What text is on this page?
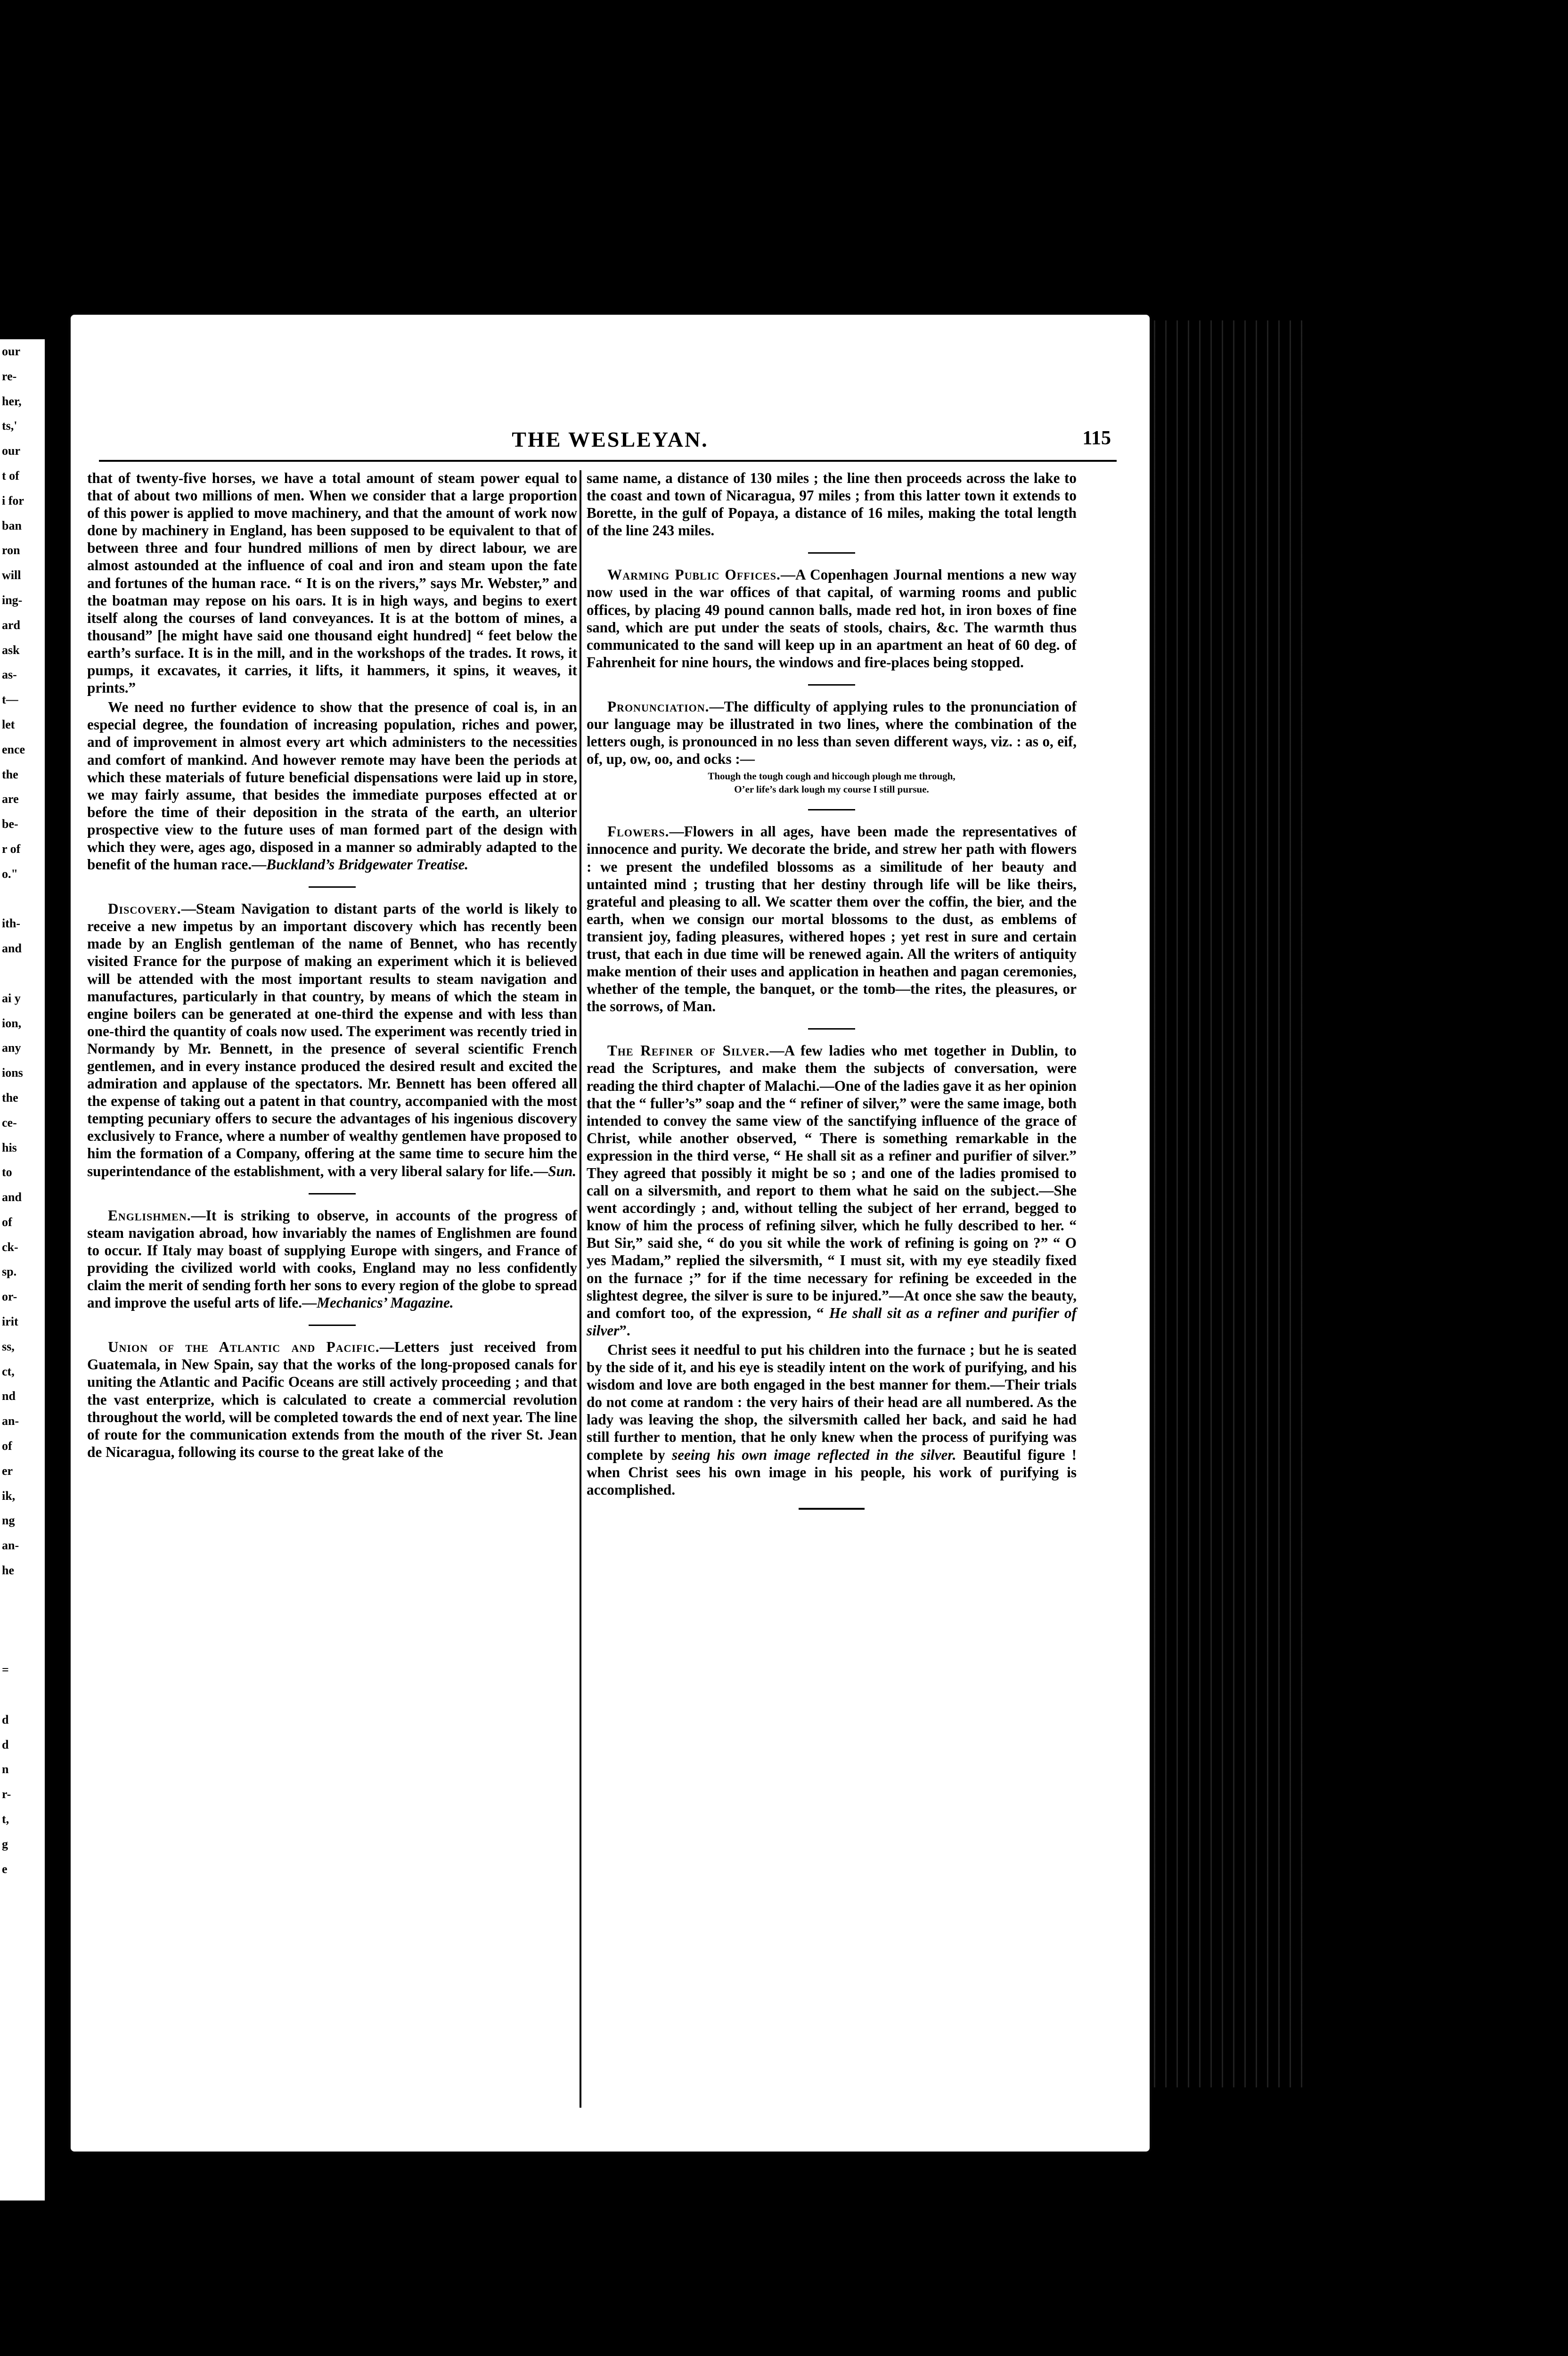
our
re-
her,
ts,'
our
t of
i for
ban
ron
will
ing-
ard
ask
as-
t—
let
ence
the
are
be-
r of
o."

ith-
and

ai y
ion,
any
ions
the
ce-
his
to
and
of
ck-
sp.
or-
irit
ss,
ct,
nd
an-
of
er
ik,
ng
an-
he

=

d
d
n
r-
t,
g
e
THE WESLEYAN.	115

that of twenty-five horses, we have a total amount of steam power equal to that of about two millions of men. When we consider that a large proportion of this power is applied to move machinery, and that the amount of work now done by machinery in England, has been supposed to be equivalent to that of between three and four hundred millions of men by direct labour, we are almost astounded at the influence of coal and iron and steam upon the fate and fortunes of the human race. “ It is on the rivers,” says Mr. Webster,” and the boatman may repose on his oars. It is in high ways, and begins to exert itself along the courses of land conveyances. It is at the bottom of mines, a thousand” [he might have said one thousand eight hundred] “ feet below the earth’s surface. It is in the mill, and in the workshops of the trades. It rows, it pumps, it excavates, it carries, it lifts, it hammers, it spins, it weaves, it prints.”

We need no further evidence to show that the presence of coal is, in an especial degree, the foundation of increasing population, riches and power, and of improvement in almost every art which administers to the necessities and comfort of mankind. And however remote may have been the periods at which these materials of future beneficial dispensations were laid up in store, we may fairly assume, that besides the immediate purposes effected at or before the time of their deposition in the strata of the earth, an ulterior prospective view to the future uses of man formed part of the design with which they were, ages ago, disposed in a manner so admirably adapted to the benefit of the human race.—Buckland’s Bridgewater Treatise.

Discovery.—Steam Navigation to distant parts of the world is likely to receive a new impetus by an important discovery which has recently been made by an English gentleman of the name of Bennet, who has recently visited France for the purpose of making an experiment which it is believed will be attended with the most important results to steam navigation and manufactures, particularly in that country, by means of which the steam in engine boilers can be generated at one-third the expense and with less than one-third the quantity of coals now used. The experiment was recently tried in Normandy by Mr. Bennett, in the presence of several scientific French gentlemen, and in every instance produced the desired result and excited the admiration and applause of the spectators. Mr. Bennett has been offered all the expense of taking out a patent in that country, accompanied with the most tempting pecuniary offers to secure the advantages of his ingenious discovery exclusively to France, where a number of wealthy gentlemen have proposed to him the formation of a Company, offering at the same time to secure him the superintendance of the establishment, with a very liberal salary for life.—Sun.

Englishmen.—It is striking to observe, in accounts of the progress of steam navigation abroad, how invariably the names of Englishmen are found to occur. If Italy may boast of supplying Europe with singers, and France of providing the civilized world with cooks, England may no less confidently claim the merit of sending forth her sons to every region of the globe to spread and improve the useful arts of life.—Mechanics’ Magazine.

Union of the Atlantic and Pacific.—Letters just received from Guatemala, in New Spain, say that the works of the long-proposed canals for uniting the Atlantic and Pacific Oceans are still actively proceeding ; and that the vast enterprize, which is calculated to create a commercial revolution throughout the world, will be completed towards the end of next year. The line of route for the communication extends from the mouth of the river St. Jean de Nicaragua, following its course to the great lake of the

same name, a distance of 130 miles ; the line then proceeds across the lake to the coast and town of Nicaragua, 97 miles ; from this latter town it extends to Borette, in the gulf of Popaya, a distance of 16 miles, making the total length of the line 243 miles.

Warming Public Offices.—A Copenhagen Journal mentions a new way now used in the war offices of that capital, of warming rooms and public offices, by placing 49 pound cannon balls, made red hot, in iron boxes of fine sand, which are put under the seats of stools, chairs, &c. The warmth thus communicated to the sand will keep up in an apartment an heat of 60 deg. of Fahrenheit for nine hours, the windows and fire-places being stopped.

Pronunciation.—The difficulty of applying rules to the pronunciation of our language may be illustrated in two lines, where the combination of the letters ough, is pronounced in no less than seven different ways, viz. : as o, eif, of, up, ow, oo, and ocks :—

Though the tough cough and hiccough plough me through,
O’er life’s dark lough my course I still pursue.

Flowers.—Flowers in all ages, have been made the representatives of innocence and purity. We decorate the bride, and strew her path with flowers : we present the undefiled blossoms as a similitude of her beauty and untainted mind ; trusting that her destiny through life will be like theirs, grateful and pleasing to all. We scatter them over the coffin, the bier, and the earth, when we consign our mortal blossoms to the dust, as emblems of transient joy, fading pleasures, withered hopes ; yet rest in sure and certain trust, that each in due time will be renewed again. All the writers of antiquity make mention of their uses and application in heathen and pagan ceremonies, whether of the temple, the banquet, or the tomb—the rites, the pleasures, or the sorrows, of Man.

The Refiner of Silver.—A few ladies who met together in Dublin, to read the Scriptures, and make them the subjects of conversation, were reading the third chapter of Malachi.—One of the ladies gave it as her opinion that the “ fuller’s” soap and the “ refiner of silver,” were the same image, both intended to convey the same view of the sanctifying influence of the grace of Christ, while another observed, “ There is something remarkable in the expression in the third verse, “ He shall sit as a refiner and purifier of silver.” They agreed that possibly it might be so ; and one of the ladies promised to call on a silversmith, and report to them what he said on the subject.—She went accordingly ; and, without telling the subject of her errand, begged to know of him the process of refining silver, which he fully described to her. “ But Sir,” said she, “ do you sit while the work of refining is going on ?” “ O yes Madam,” replied the silversmith, “ I must sit, with my eye steadily fixed on the furnace ;” for if the time necessary for refining be exceeded in the slightest degree, the silver is sure to be injured.”—At once she saw the beauty, and comfort too, of the expression, “ He shall sit as a refiner and purifier of silver”.

Christ sees it needful to put his children into the furnace ; but he is seated by the side of it, and his eye is steadily intent on the work of purifying, and his wisdom and love are both engaged in the best manner for them.—Their trials do not come at random : the very hairs of their head are all numbered. As the lady was leaving the shop, the silversmith called her back, and said he had still further to mention, that he only knew when the process of purifying was complete by seeing his own image reflected in the silver. Beautiful figure ! when Christ sees his own image in his people, his work of purifying is accomplished.
